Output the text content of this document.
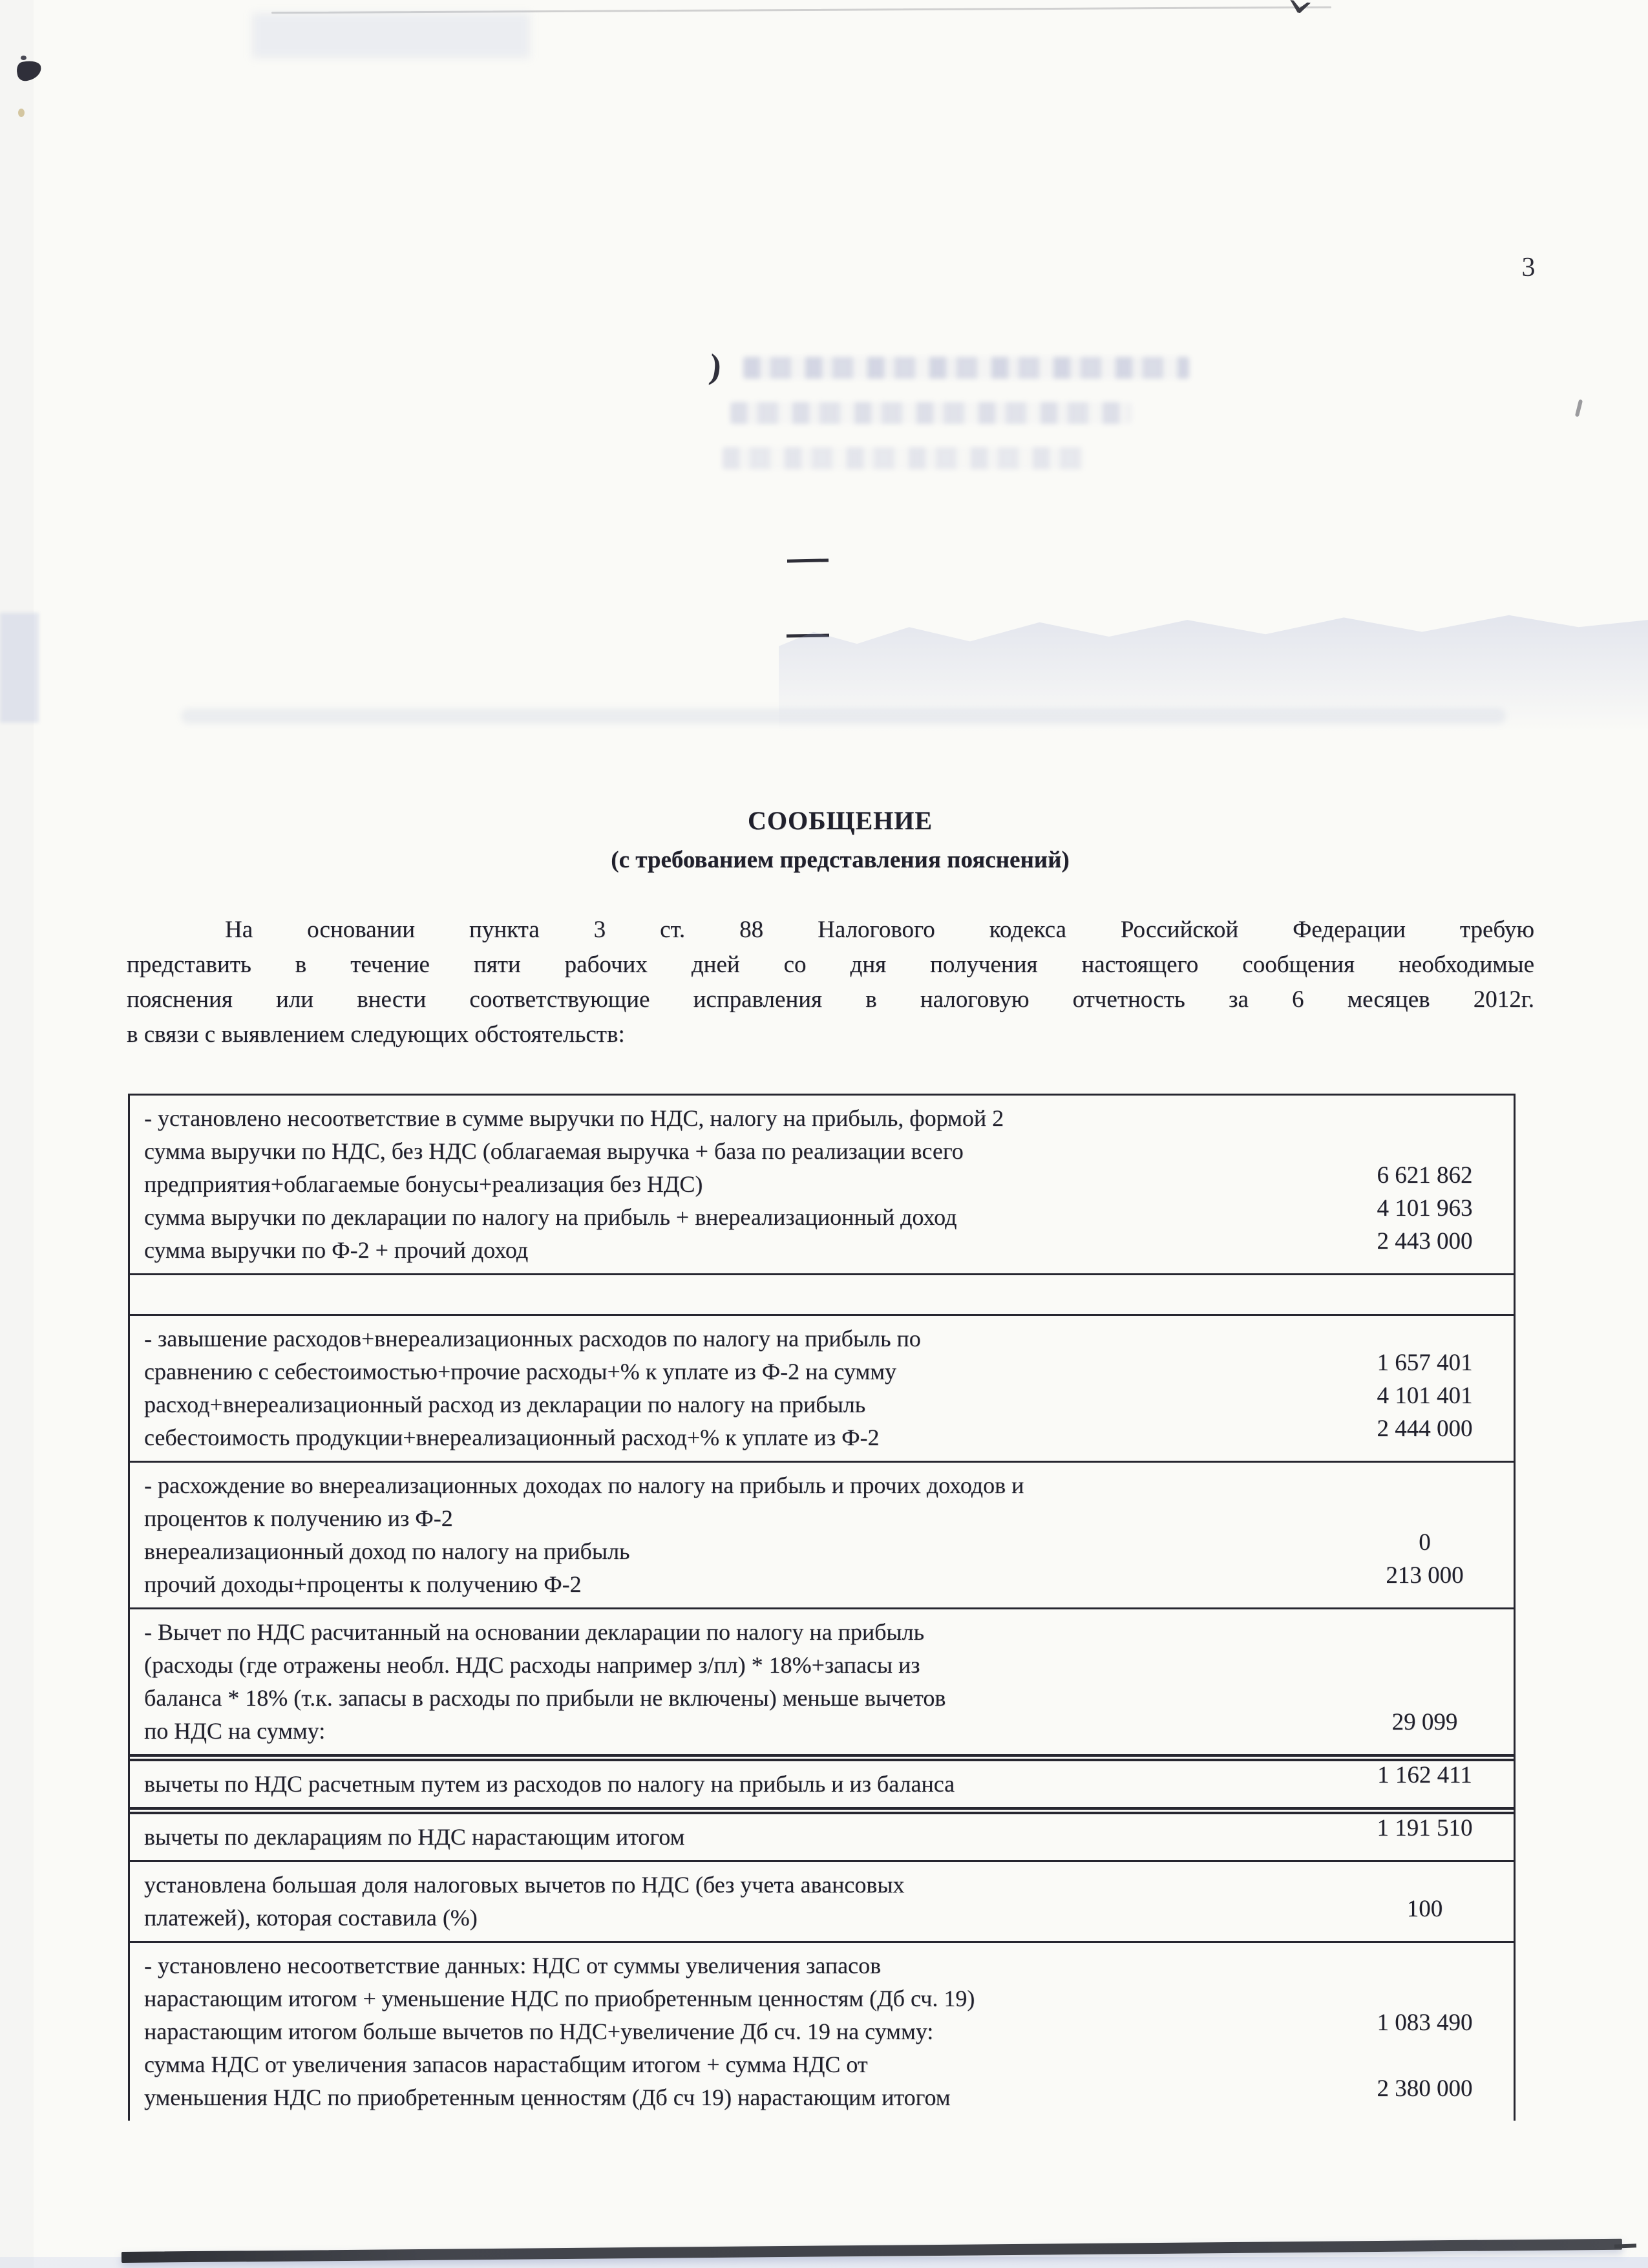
)
3
СООБЩЕНИЕ
(с требованием представления пояснений)
На основании пункта 3 ст. 88 Налогового кодекса Российской Федерации требую
представить в течение пяти рабочих дней со дня получения настоящего сообщения необходимые
пояснения или внести соответствующие исправления в налоговую отчетность за 6 месяцев 2012г.
в связи с выявлением следующих обстоятельств:
- установлено несоответствие в сумме выручки по НДС, налогу на прибыль, формой 2
сумма выручки по НДС, без НДС (облагаемая выручка + база по реализации всего
предприятия+облагаемые бонусы+реализация без НДС)	6 621 862
сумма выручки по декларации по налогу на прибыль + внереализационный доход	4 101 963
сумма выручки по Ф-2 + прочий доход	2 443 000
- завышение расходов+внереализационных расходов по налогу на прибыль по
сравнению с себестоимостью+прочие расходы+% к уплате из Ф-2 на сумму	1 657 401
расход+внереализационный расход из декларации по налогу на прибыль	4 101 401
себестоимость продукции+внереализационный расход+% к уплате из Ф-2	2 444 000
- расхождение во внереализационных доходах по налогу на прибыль и прочих доходов и
процентов к получению из Ф-2
внереализационный доход по налогу на прибыль	0
прочий доходы+проценты к получению Ф-2	213 000
- Вычет по НДС расчитанный на основании декларации по налогу на прибыль
(расходы (где отражены необл. НДС расходы например з/пл) * 18%+запасы из
баланса * 18% (т.к. запасы в расходы по прибыли не включены) меньше вычетов
по НДС на сумму:	29 099
вычеты по НДС расчетным путем из расходов по налогу на прибыль и из баланса	1 162 411
вычеты по декларациям по НДС нарастающим итогом	1 191 510
установлена большая доля налоговых вычетов по НДС (без учета авансовых
платежей), которая составила (%)	100
- установлено несоответствие данных: НДС от суммы увеличения запасов
нарастающим итогом + уменьшение НДС по приобретенным ценностям (Дб сч. 19)
нарастающим итогом больше вычетов по НДС+увеличение Дб сч. 19 на сумму:	1 083 490
сумма НДС от увеличения запасов нарастабщим итогом + сумма НДС от
уменьшения НДС по приобретенным ценностям (Дб сч 19) нарастающим итогом	2 380 000
